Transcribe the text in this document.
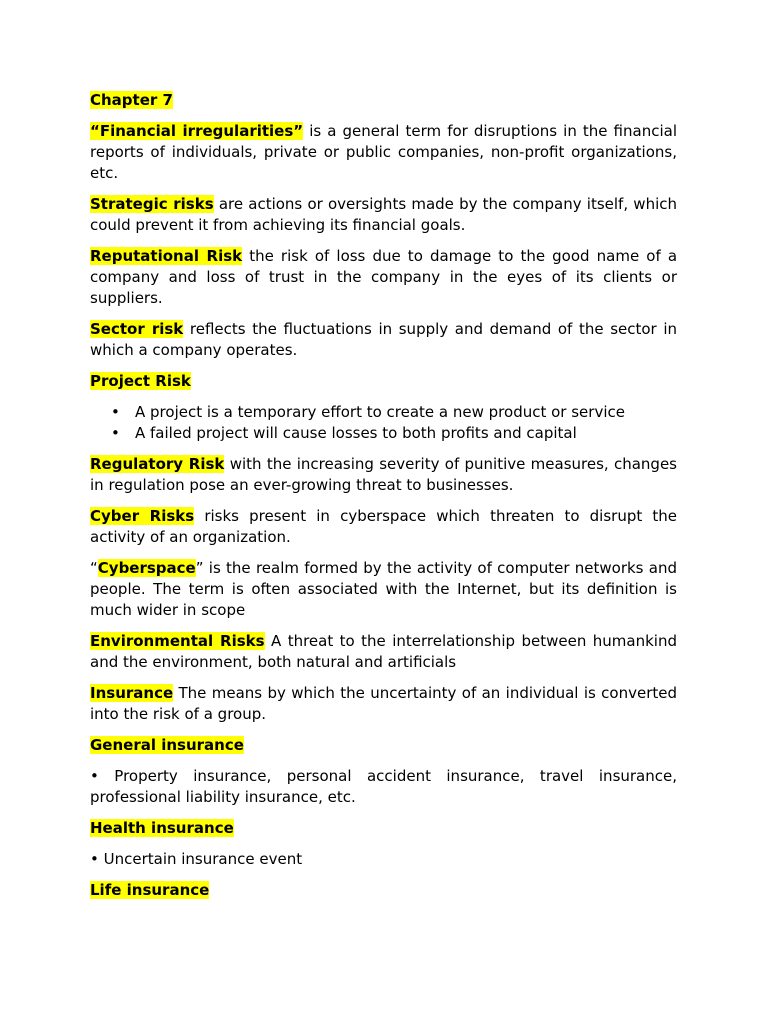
Chapter 7

“Financial irregularities” is a general term for disruptions in the financial reports of individuals, private or public companies, non-profit organizations, etc.

Strategic risks are actions or oversights made by the company itself, which could prevent it from achieving its financial goals.

Reputational Risk the risk of loss due to damage to the good name of a company and loss of trust in the company in the eyes of its clients or suppliers.

Sector risk reflects the fluctuations in supply and demand of the sector in which a company operates.

Project Risk

• A project is a temporary effort to create a new product or service
• A failed project will cause losses to both profits and capital

Regulatory Risk with the increasing severity of punitive measures, changes in regulation pose an ever-growing threat to businesses.

Cyber Risks risks present in cyberspace which threaten to disrupt the activity of an organization.

“Cyberspace” is the realm formed by the activity of computer networks and people. The term is often associated with the Internet, but its definition is much wider in scope

Environmental Risks A threat to the interrelationship between humankind and the environment, both natural and artificials

Insurance The means by which the uncertainty of an individual is converted into the risk of a group.

General insurance

• Property insurance, personal accident insurance, travel insurance, professional liability insurance, etc.

Health insurance

• Uncertain insurance event

Life insurance
